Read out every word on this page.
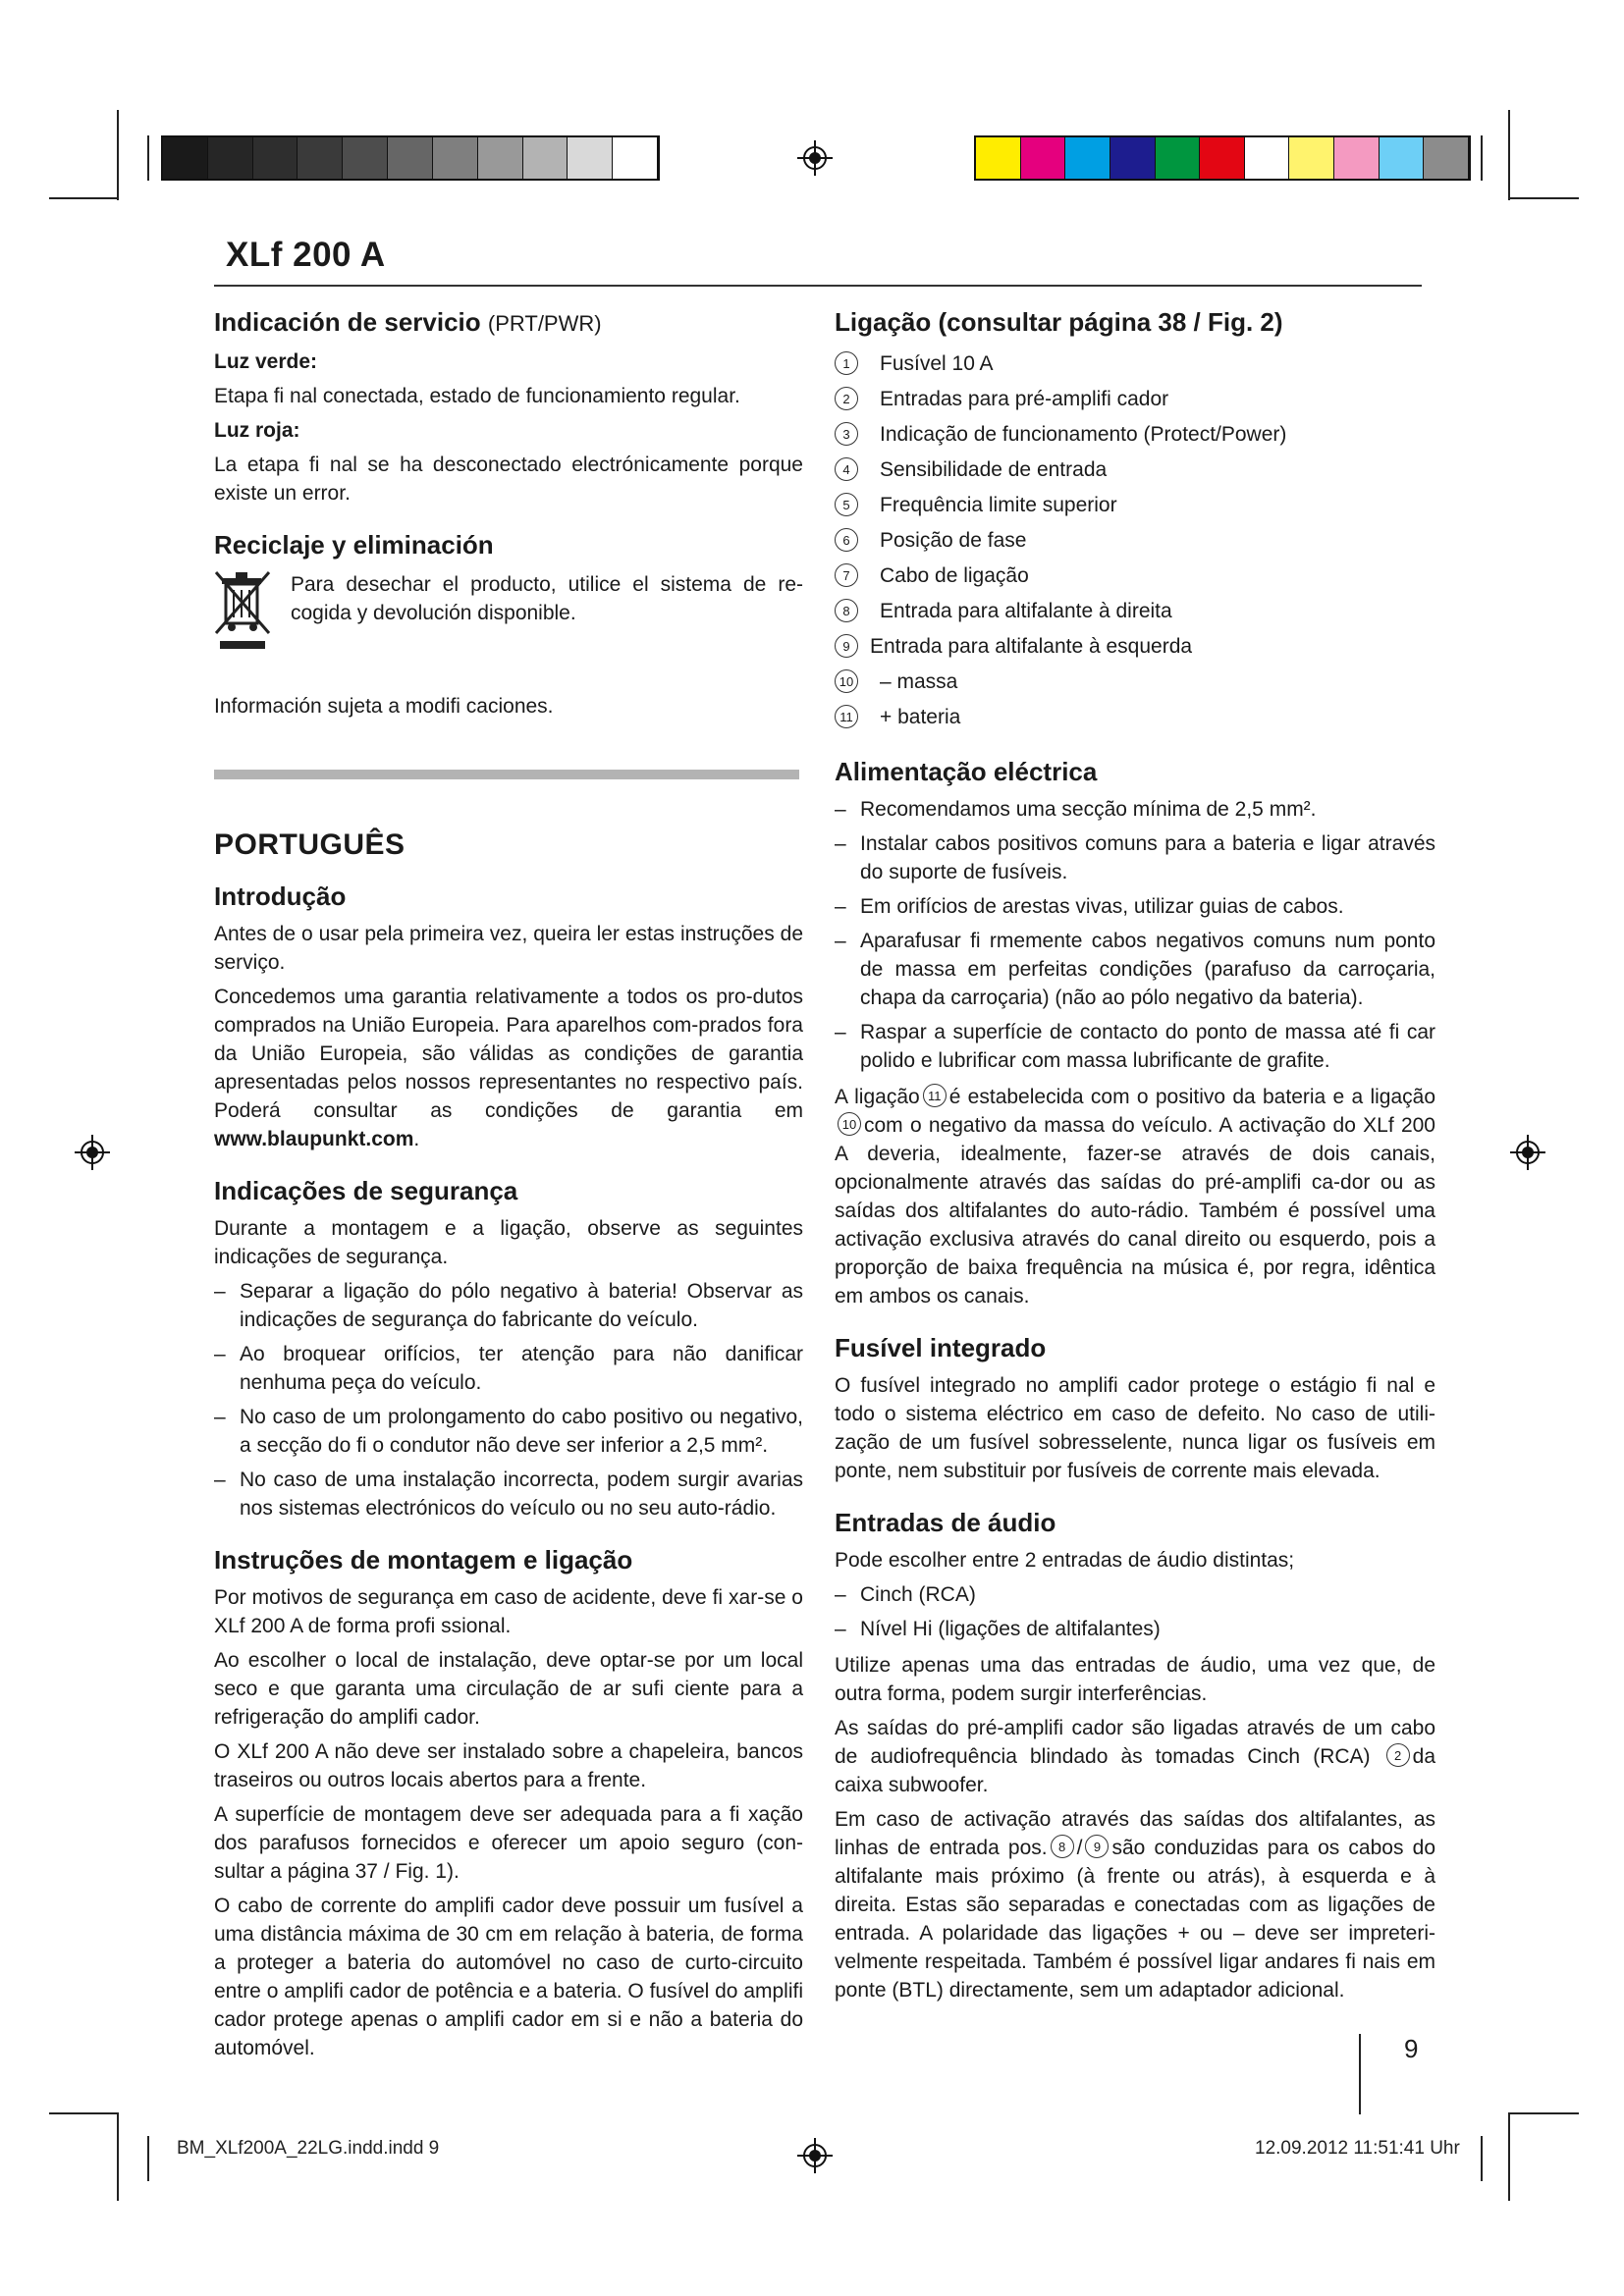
XLf 200 A
Indicación de servicio (PRT/PWR)

Luz verde:

Etapa fi nal conectada, estado de funcionamiento regular.

Luz roja:

La etapa fi nal se ha desconectado electrónicamente porque existe un error.

Reciclaje y eliminación

Para desechar el producto, utilice el sistema de re-cogida y devolución disponible.

Información sujeta a modifi caciones.

PORTUGUÊS
Introdução

Antes de o usar pela primeira vez, queira ler estas instruções de serviço.

Concedemos uma garantia relativamente a todos os pro-dutos comprados na União Europeia. Para aparelhos com-prados fora da União Europeia, são válidas as condições de garantia apresentadas pelos nossos representantes no respectivo país. Poderá consultar as condições de garantia em www.blaupunkt.com.

Indicações de segurança

Durante a montagem e a ligação, observe as seguintes indicações de segurança.

– Separar a ligação do pólo negativo à bateria! Observar as indicações de segurança do fabricante do veículo.
– Ao broquear orifícios, ter atenção para não danificar nenhuma peça do veículo.
– No caso de um prolongamento do cabo positivo ou negativo, a secção do fi o condutor não deve ser inferior a 2,5 mm².
– No caso de uma instalação incorrecta, podem surgir avarias nos sistemas electrónicos do veículo ou no seu auto-rádio.
Instruções de montagem e ligação

Por motivos de segurança em caso de acidente, deve fi xar-se o XLf 200 A de forma profi ssional.

Ao escolher o local de instalação, deve optar-se por um local seco e que garanta uma circulação de ar sufi ciente para a refrigeração do amplifi cador.

O XLf 200 A não deve ser instalado sobre a chapeleira, bancos traseiros ou outros locais abertos para a frente.

A superfície de montagem deve ser adequada para a fi xação dos parafusos fornecidos e oferecer um apoio seguro (con-sultar a página 37 / Fig. 1).

O cabo de corrente do amplifi cador deve possuir um fusível a uma distância máxima de 30 cm em relação à bateria, de forma a proteger a bateria do automóvel no caso de curto-circuito entre o amplifi cador de potência e a bateria. O fusível do amplifi cador protege apenas o amplifi cador em si e não a bateria do automóvel.

Ligação (consultar página 38 / Fig. 2)
1	Fusível 10 A
2	Entradas para pré-amplifi cador
3	Indicação de funcionamento (Protect/Power)
4	Sensibilidade de entrada
5	Frequência limite superior
6	Posição de fase
7	Cabo de ligação
8	Entrada para altifalante à direita
9 Entrada para altifalante à esquerda
10 – massa
11 + bateria
Alimentação eléctrica
– Recomendamos uma secção mínima de 2,5 mm².
– Instalar cabos positivos comuns para a bateria e ligar através do suporte de fusíveis.
– Em orifícios de arestas vivas, utilizar guias de cabos.
– Aparafusar fi rmemente cabos negativos comuns num ponto de massa em perfeitas condições (parafuso da carroçaria, chapa da carroçaria) (não ao pólo negativo da bateria).
– Raspar a superfície de contacto do ponto de massa até fi car polido e lubrificar com massa lubrificante de grafite.

A ligação 11 é estabelecida com o positivo da bateria e a ligação10 com o negativo da massa do veículo. A activação do XLf 200 A deveria, idealmente, fazer-se através de dois canais, opcionalmente através das saídas do pré-amplifi ca-dor ou as saídas dos altifalantes do auto-rádio. Também é possível uma activação exclusiva através do canal direito ou esquerdo, pois a proporção de baixa frequência na música é, por regra, idêntica em ambos os canais.

Fusível integrado

O fusível integrado no amplifi cador protege o estágio fi nal e todo o sistema eléctrico em caso de defeito. No caso de utili-zação de um fusível sobresselente, nunca ligar os fusíveis em ponte, nem substituir por fusíveis de corrente mais elevada.

Entradas de áudio

Pode escolher entre 2 entradas de áudio distintas;

– Cinch (RCA)
– Nível Hi (ligações de altifalantes)

Utilize apenas uma das entradas de áudio, uma vez que, de outra forma, podem surgir interferências.

As saídas do pré-amplifi cador são ligadas através de um cabo de audiofrequência blindado às tomadas Cinch (RCA) 2 da caixa subwoofer.

Em caso de activação através das saídas dos altifalantes, as linhas de entrada pos. 8 / 9 são conduzidas para os cabos do altifalante mais próximo (à frente ou atrás), à esquerda e à direita. Estas são separadas e conectadas com as ligações de entrada. A polaridade das ligações + ou – deve ser impreteri-velmente respeitada. Também é possível ligar andares fi nais em ponte (BTL) directamente, sem um adaptador adicional.

9
BM_XLf200A_22LG.indd.indd 9	12.09.2012 11:51:41 Uhr
